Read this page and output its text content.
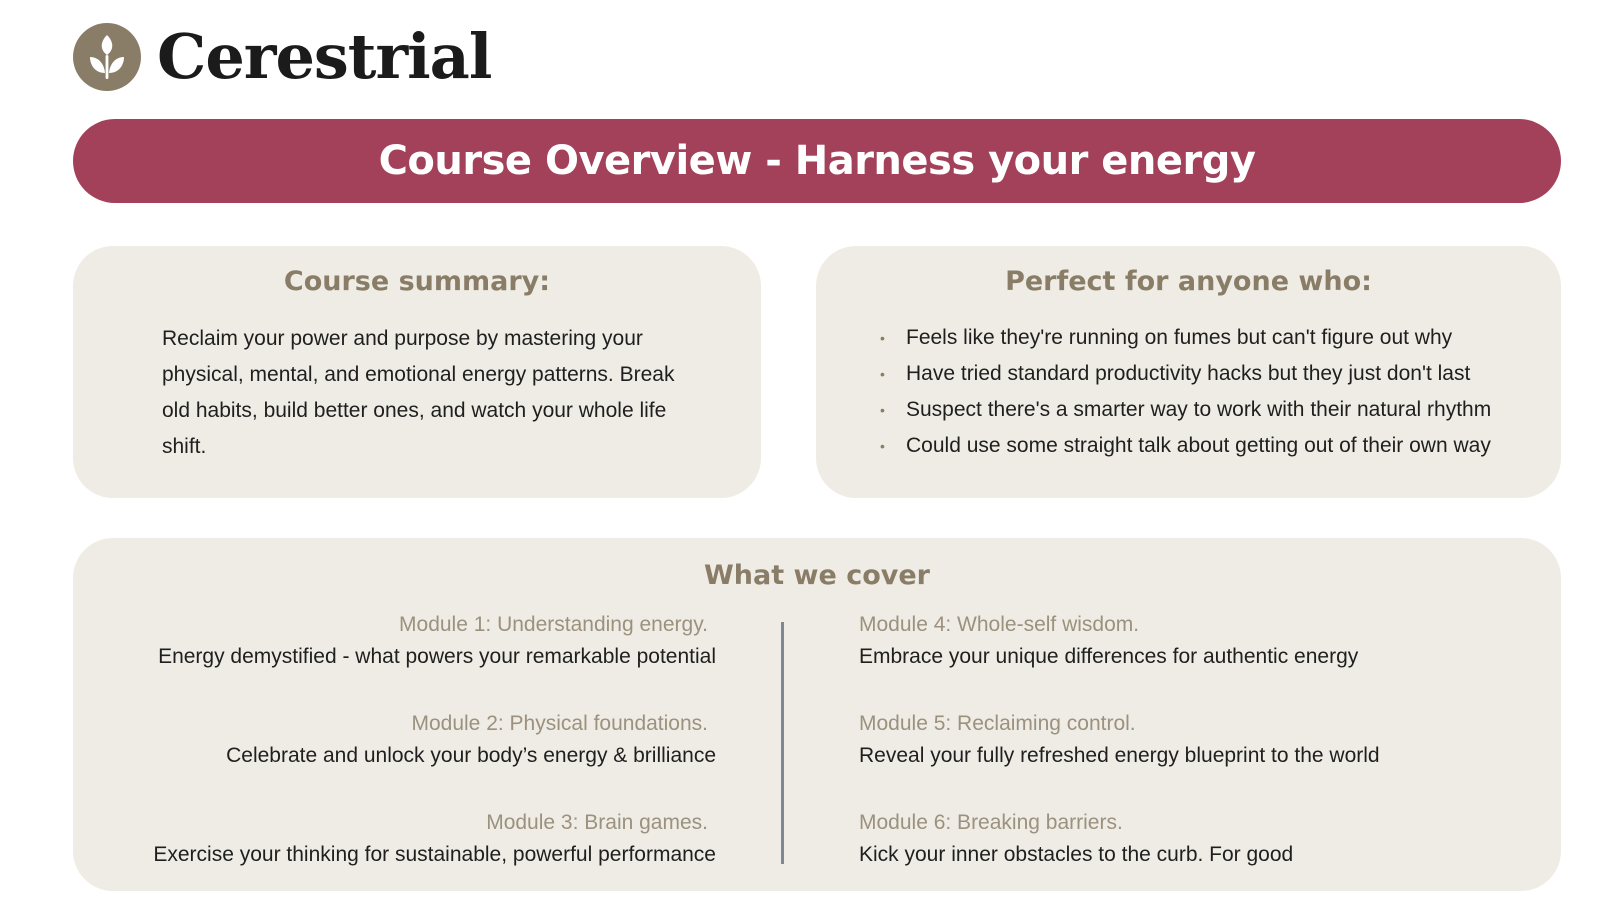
Cerestrial
Course Overview - Harness your energy
Course summary:

Reclaim your power and purpose by mastering your physical, mental, and emotional energy patterns. Break old habits, build better ones, and watch your whole life shift.

Perfect for anyone who:
• Feels like they're running on fumes but can't figure out why
• Have tried standard productivity hacks but they just don't last
• Suspect there's a smarter way to work with their natural rhythm
• Could use some straight talk about getting out of their own way
What we cover
Module 1: Understanding energy.
Energy demystified - what powers your remarkable potential
Module 2: Physical foundations.
Celebrate and unlock your body’s energy & brilliance
Module 3: Brain games.
Exercise your thinking for sustainable, powerful performance
Module 4: Whole-self wisdom.
Embrace your unique differences for authentic energy
Module 5: Reclaiming control.
Reveal your fully refreshed energy blueprint to the world
Module 6: Breaking barriers.
Kick your inner obstacles to the curb. For good
